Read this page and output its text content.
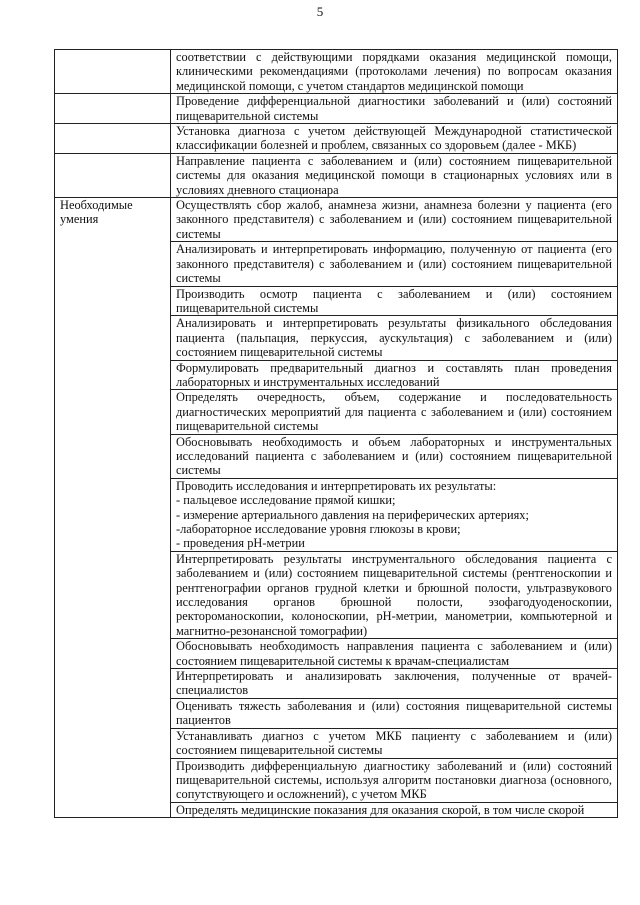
5
	соответствии с действующими порядками оказания медицинской помощи, клиническими рекомендациями (протоколами лечения) по вопросам оказания медицинской помощи, с учетом стандартов медицинской помощи
	Проведение дифференциальной диагностики заболеваний и (или) состояний пищеварительной системы
	Установка диагноза с учетом действующей Международной статистической классификации болезней и проблем, связанных со здоровьем (далее - МКБ)
	Направление пациента с заболеванием и (или) состоянием пищеварительной системы для оказания медицинской помощи в стационарных условиях или в условиях дневного стационара
Необходимые умения	Осуществлять сбор жалоб, анамнеза жизни, анамнеза болезни у пациента (его законного представителя) с заболеванием и (или) состоянием пищеварительной системы
	Анализировать и интерпретировать информацию, полученную от пациента (его законного представителя) с заболеванием и (или) состоянием пищеварительной системы
	Производить осмотр пациента с заболеванием и (или) состоянием пищеварительной системы
	Анализировать и интерпретировать результаты физикального обследования пациента (пальпация, перкуссия, аускультация) с заболеванием и (или) состоянием пищеварительной системы
	Формулировать предварительный диагноз и составлять план проведения лабораторных и инструментальных исследований
	Определять очередность, объем, содержание и последовательность диагностических мероприятий для пациента с заболеванием и (или) состоянием пищеварительной системы
	Обосновывать необходимость и объем лабораторных и инструментальных исследований пациента с заболеванием и (или) состоянием пищеварительной системы

	Проводить исследования и интерпретировать их результаты:
- пальцевое исследование прямой кишки;
- измерение артериального давления на периферических артериях;
-лабораторное исследование уровня глюкозы в крови;
- проведения pH-метрии

	Интерпретировать результаты инструментального обследования пациента с заболеванием и (или) состоянием пищеварительной системы (рентгеноскопии и рентгенографии органов грудной клетки и брюшной полости, ультразвукового исследования органов брюшной полости, эзофагодуоденоскопии, ректороманоскопии, колоноскопии, pH-метрии, манометрии, компьютерной и магнитно-резонансной томографии)
	Обосновывать необходимость направления пациента с заболеванием и (или) состоянием пищеварительной системы к врачам-специалистам
	Интерпретировать и анализировать заключения, полученные от врачей-специалистов
	Оценивать тяжесть заболевания и (или) состояния пищеварительной системы пациентов
	Устанавливать диагноз с учетом МКБ пациенту с заболеванием и (или) состоянием пищеварительной системы
	Производить дифференциальную диагностику заболеваний и (или) состояний пищеварительной системы, используя алгоритм постановки диагноза (основного, сопутствующего и осложнений), с учетом МКБ
	Определять медицинские показания для оказания скорой, в том числе скорой
